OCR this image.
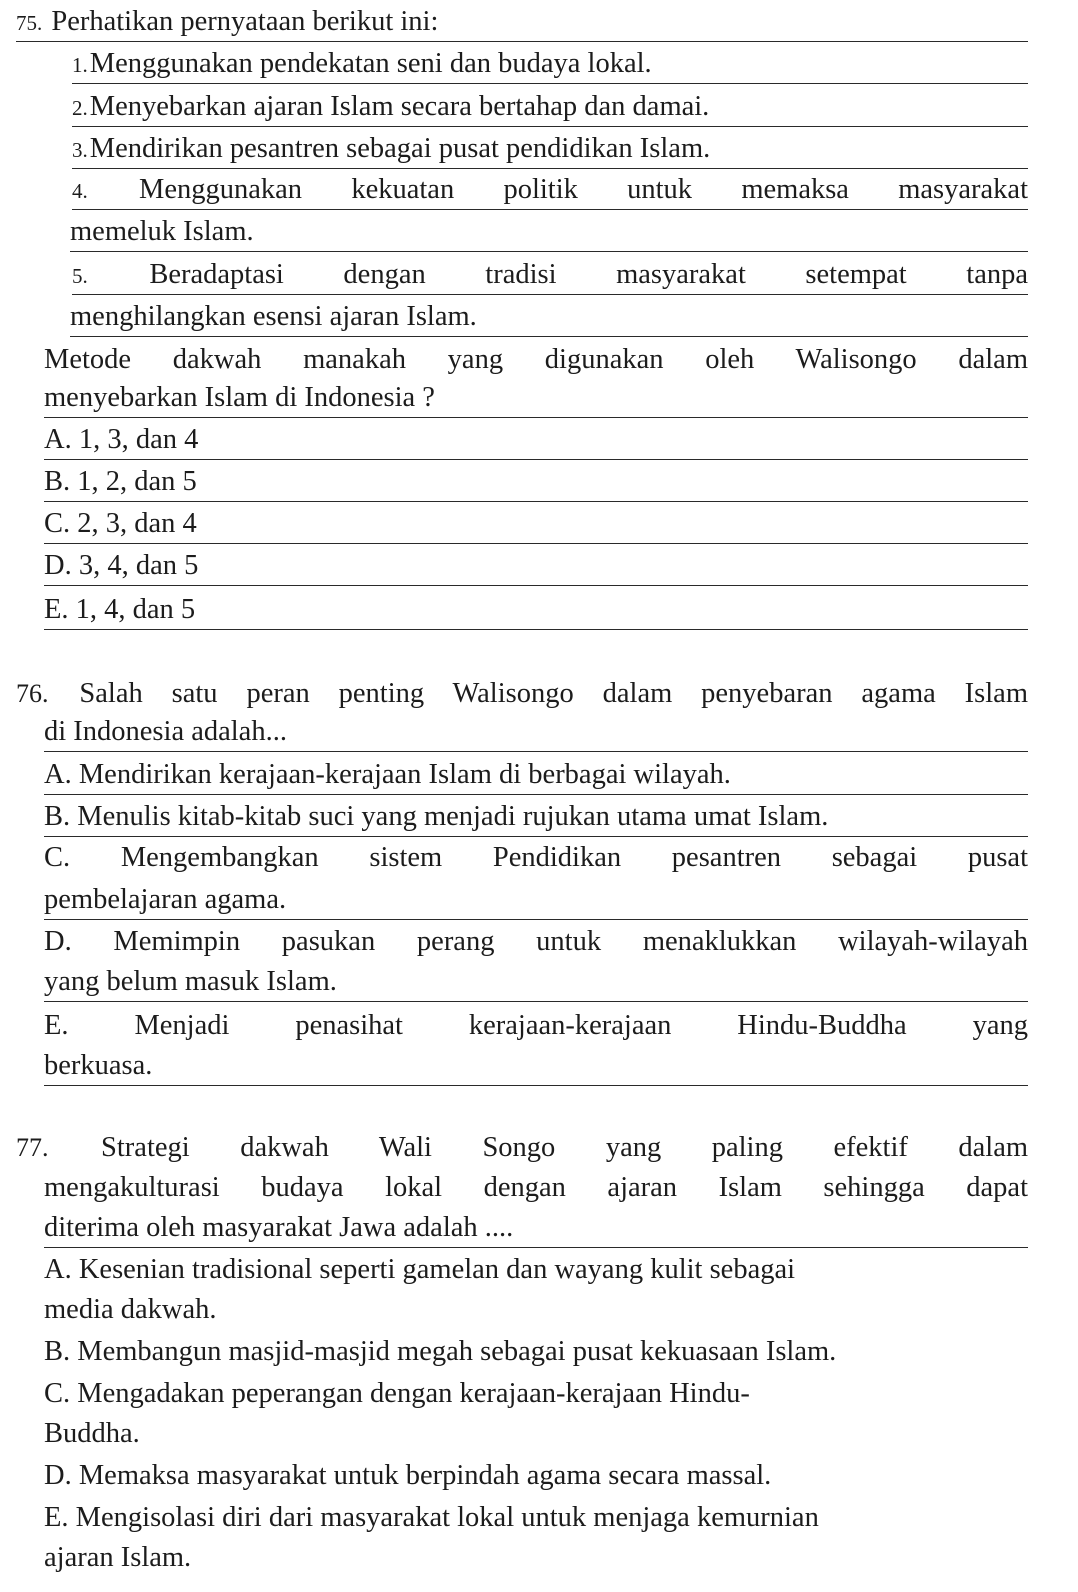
75. Perhatikan pernyataan berikut ini:
1.Menggunakan pendekatan seni dan budaya lokal.
2.Menyebarkan ajaran Islam secara bertahap dan damai.
3.Mendirikan pesantren sebagai pusat pendidikan Islam.
4. Menggunakan kekuatan politik untuk memaksa masyarakat
memeluk Islam.
5. Beradaptasi dengan tradisi masyarakat setempat tanpa
menghilangkan esensi ajaran Islam.
Metode dakwah manakah yang digunakan oleh Walisongo dalam
menyebarkan Islam di Indonesia ?
A. 1, 3, dan 4
B. 1, 2, dan 5
C. 2, 3, dan 4
D. 3, 4, dan 5
E. 1, 4, dan 5
76. Salah satu peran penting Walisongo dalam penyebaran agama Islam
di Indonesia adalah...
A. Mendirikan kerajaan-kerajaan Islam di berbagai wilayah.
B. Menulis kitab-kitab suci yang menjadi rujukan utama umat Islam.
C. Mengembangkan sistem Pendidikan pesantren sebagai pusat
pembelajaran agama.
D. Memimpin pasukan perang untuk menaklukkan wilayah-wilayah
yang belum masuk Islam.
E. Menjadi penasihat kerajaan-kerajaan Hindu-Buddha yang
berkuasa.
77. Strategi dakwah Wali Songo yang paling efektif dalam
mengakulturasi budaya lokal dengan ajaran Islam sehingga dapat
diterima oleh masyarakat Jawa adalah ....
A. Kesenian tradisional seperti gamelan dan wayang kulit sebagai
media dakwah.
B. Membangun masjid-masjid megah sebagai pusat kekuasaan Islam.
C. Mengadakan peperangan dengan kerajaan-kerajaan Hindu-
Buddha.
D. Memaksa masyarakat untuk berpindah agama secara massal.
E. Mengisolasi diri dari masyarakat lokal untuk menjaga kemurnian
ajaran Islam.
